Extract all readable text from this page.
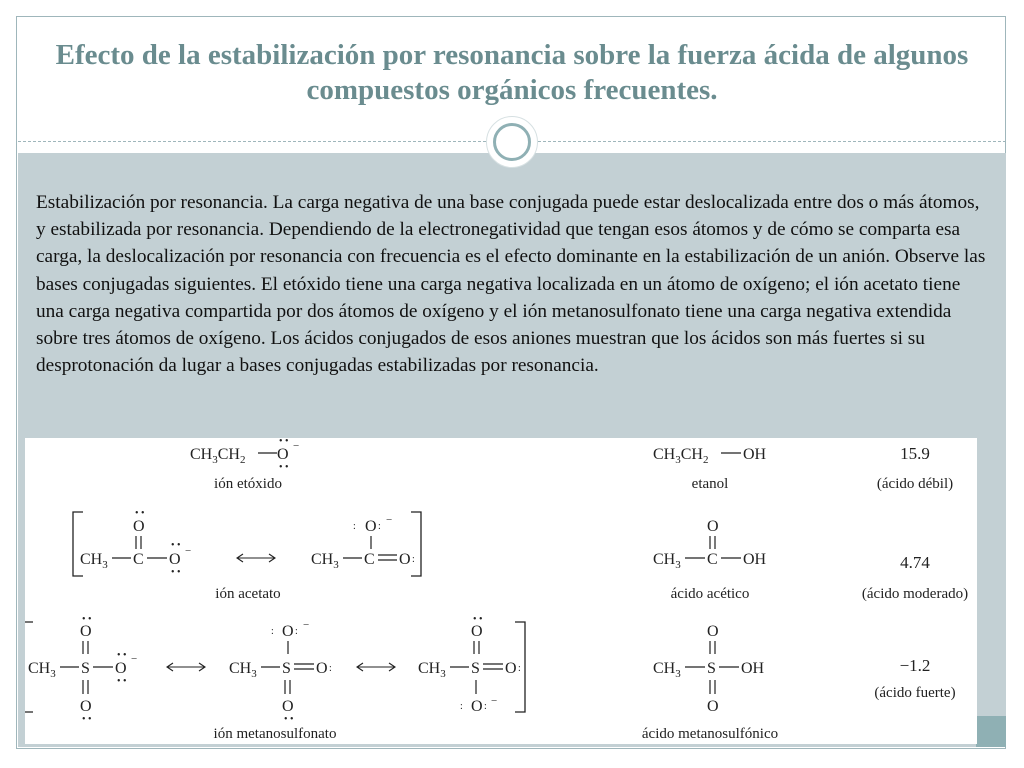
Efecto de la estabilización por resonancia sobre la fuerza ácida de algunos compuestos orgánicos frecuentes.

Estabilización por resonancia. La carga negativa de una base conjugada puede estar deslocalizada entre dos o más átomos, y estabilizada por resonancia. Dependiendo de la electronegatividad que tengan esos átomos y de cómo se comparta esa carga, la deslocalización por resonancia con frecuencia es el efecto dominante en la estabilización de un anión. Observe las bases conjugadas siguientes. El etóxido tiene una carga negativa localizada en un átomo de oxígeno; el ión acetato tiene una carga negativa compartida por dos átomos de oxígeno y el ión metanosulfonato tiene una carga negativa extendida sobre tres átomos de oxígeno. Los ácidos conjugados de esos aniones muestran que los ácidos son más fuertes si su desprotonación da lugar a bases conjugadas estabilizadas por resonancia.

$CH_3CH_2$ O
• •
• •
−	$CH_3CH_2$ OH
O
• •
$CH_3$ C O
• •
• •
−
O
: :
−
$CH_3$ C O :
O
$CH_3$ C OH
O
• •
$CH_3$ S O
• •
• •
−
O
• •
O
: :
−
$CH_3$ S O :
O
• •
O
• •
$CH_3$ S O :
O
: : −
O
$CH_3$ S OH
O
ión etóxido	etanol
15.9
(ácido débil)
ión acetato	ácido acético
4.74
(ácido moderado)
ión metanosulfonato	ácido metanosulfónico
−1.2
(ácido fuerte)
